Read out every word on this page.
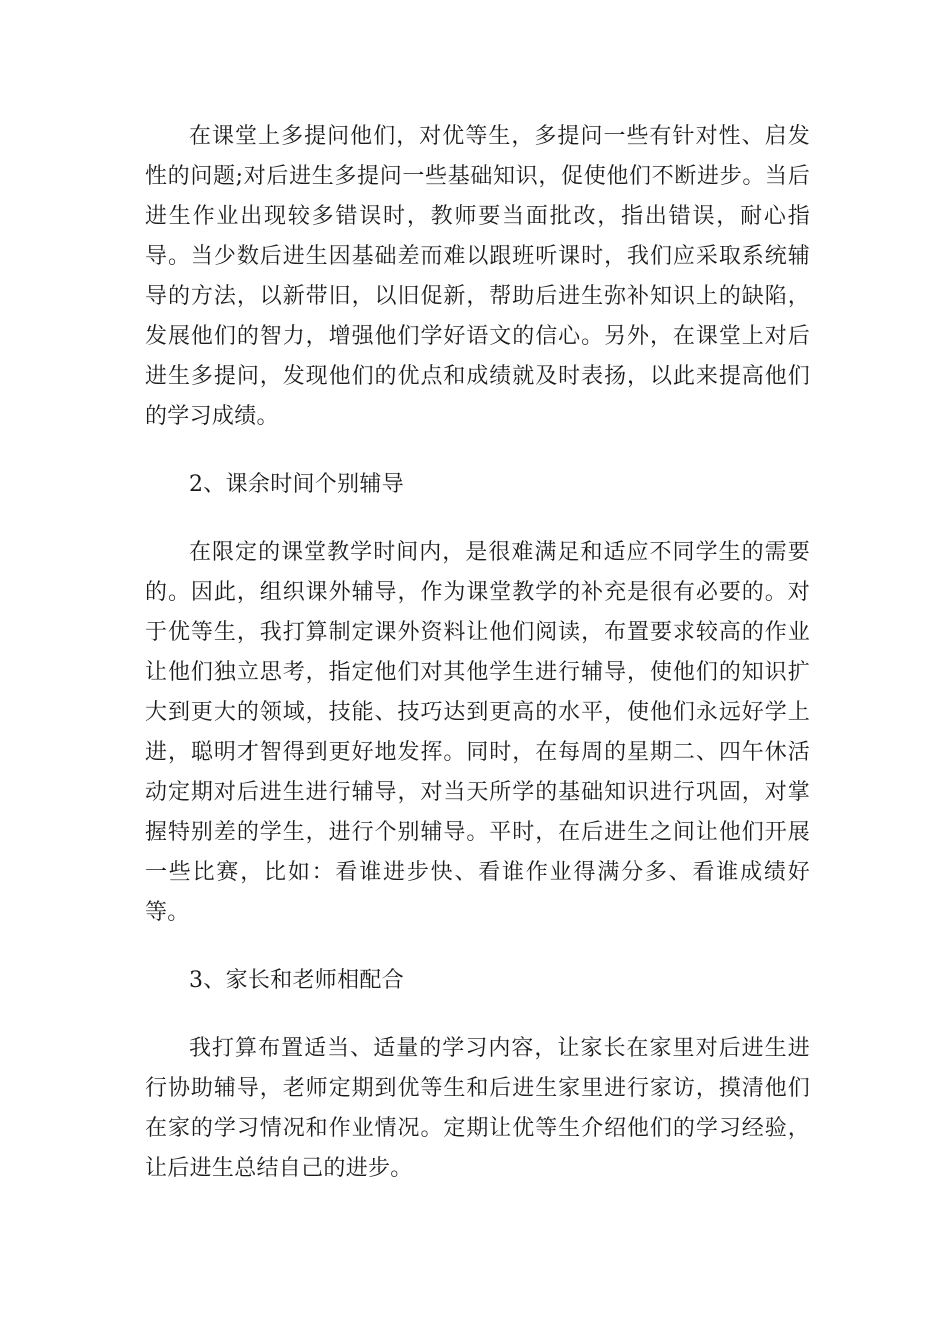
在课堂上多提问他们，对优等生，多提问一些有针对性、启发性的问题;对后进生多提问一些基础知识，促使他们不断进步。当后进生作业出现较多错误时，教师要当面批改，指出错误，耐心指导。当少数后进生因基础差而难以跟班听课时，我们应采取系统辅导的方法，以新带旧，以旧促新，帮助后进生弥补知识上的缺陷，发展他们的智力，增强他们学好语文的信心。另外，在课堂上对后进生多提问，发现他们的优点和成绩就及时表扬，以此来提高他们的学习成绩。

2、课余时间个别辅导

在限定的课堂教学时间内，是很难满足和适应不同学生的需要的。因此，组织课外辅导，作为课堂教学的补充是很有必要的。对于优等生，我打算制定课外资料让他们阅读，布置要求较高的作业让他们独立思考，指定他们对其他学生进行辅导，使他们的知识扩大到更大的领域，技能、技巧达到更高的水平，使他们永远好学上进，聪明才智得到更好地发挥。同时，在每周的星期二、四午休活动定期对后进生进行辅导，对当天所学的基础知识进行巩固，对掌握特别差的学生，进行个别辅导。平时，在后进生之间让他们开展一些比赛，比如：看谁进步快、看谁作业得满分多、看谁成绩好等。

3、家长和老师相配合

我打算布置适当、适量的学习内容，让家长在家里对后进生进行协助辅导，老师定期到优等生和后进生家里进行家访，摸清他们在家的学习情况和作业情况。定期让优等生介绍他们的学习经验，让后进生总结自己的进步。
